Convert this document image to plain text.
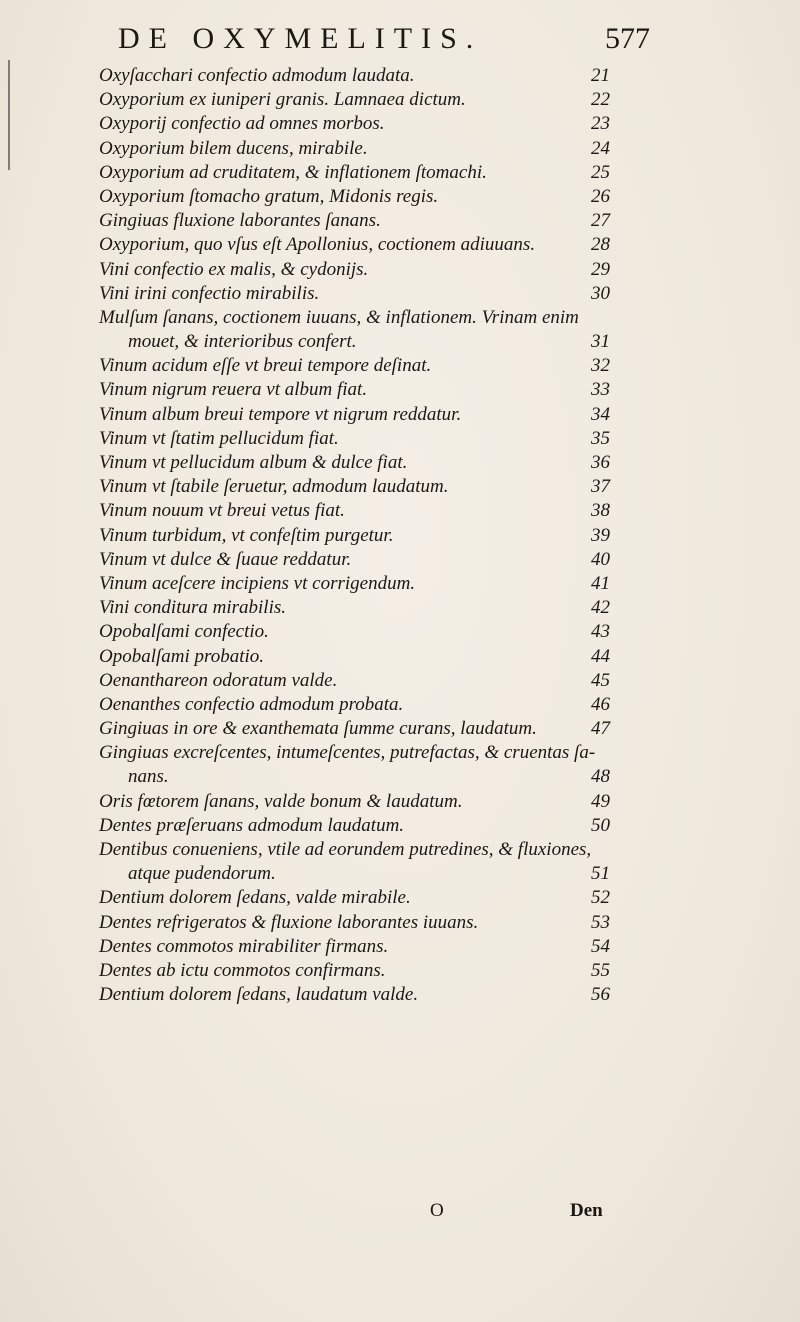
DE OXYMELITIS.	577
Oxyſacchari confectio admodum laudata.	21
Oxyporium ex iuniperi granis. Lamnaea dictum.	22
Oxyporij confectio ad omnes morbos.	23
Oxyporium bilem ducens, mirabile.	24
Oxyporium ad cruditatem, & inflationem ſtomachi.	25
Oxyporium ſtomacho gratum, Midonis regis.	26
Gingiuas fluxione laborantes ſanans.	27
Oxyporium, quo vſus eſt Apollonius, coctionem adiuuans.	28
Vini confectio ex malis, & cydonijs.	29
Vini irini confectio mirabilis.	30
Mulſum ſanans, coctionem iuuans, & inflationem. Vrinam enim
mouet, & interioribus confert.	31
Vinum acidum eſſe vt breui tempore deſinat.	32
Vinum nigrum reuera vt album fiat.	33
Vinum album breui tempore vt nigrum reddatur.	34
Vinum vt ſtatim pellucidum fiat.	35
Vinum vt pellucidum album & dulce fiat.	36
Vinum vt ſtabile ſeruetur, admodum laudatum.	37
Vinum nouum vt breui vetus fiat.	38
Vinum turbidum, vt confeſtim purgetur.	39
Vinum vt dulce & ſuaue reddatur.	40
Vinum aceſcere incipiens vt corrigendum.	41
Vini conditura mirabilis.	42
Opobalſami confectio.	43
Opobalſami probatio.	44
Oenanthareon odoratum valde.	45
Oenanthes confectio admodum probata.	46
Gingiuas in ore & exanthemata ſumme curans, laudatum.	47
Gingiuas excreſcentes, intumeſcentes, putrefactas, & cruentas ſa-
nans.	48
Oris fœtorem ſanans, valde bonum & laudatum.	49
Dentes præſeruans admodum laudatum.	50
Dentibus conueniens, vtile ad eorundem putredines, & fluxiones,
atque pudendorum.	51
Dentium dolorem ſedans, valde mirabile.	52
Dentes refrigeratos & fluxione laborantes iuuans.	53
Dentes commotos mirabiliter firmans.	54
Dentes ab ictu commotos confirmans.	55
Dentium dolorem ſedans, laudatum valde.	56
O	Den
